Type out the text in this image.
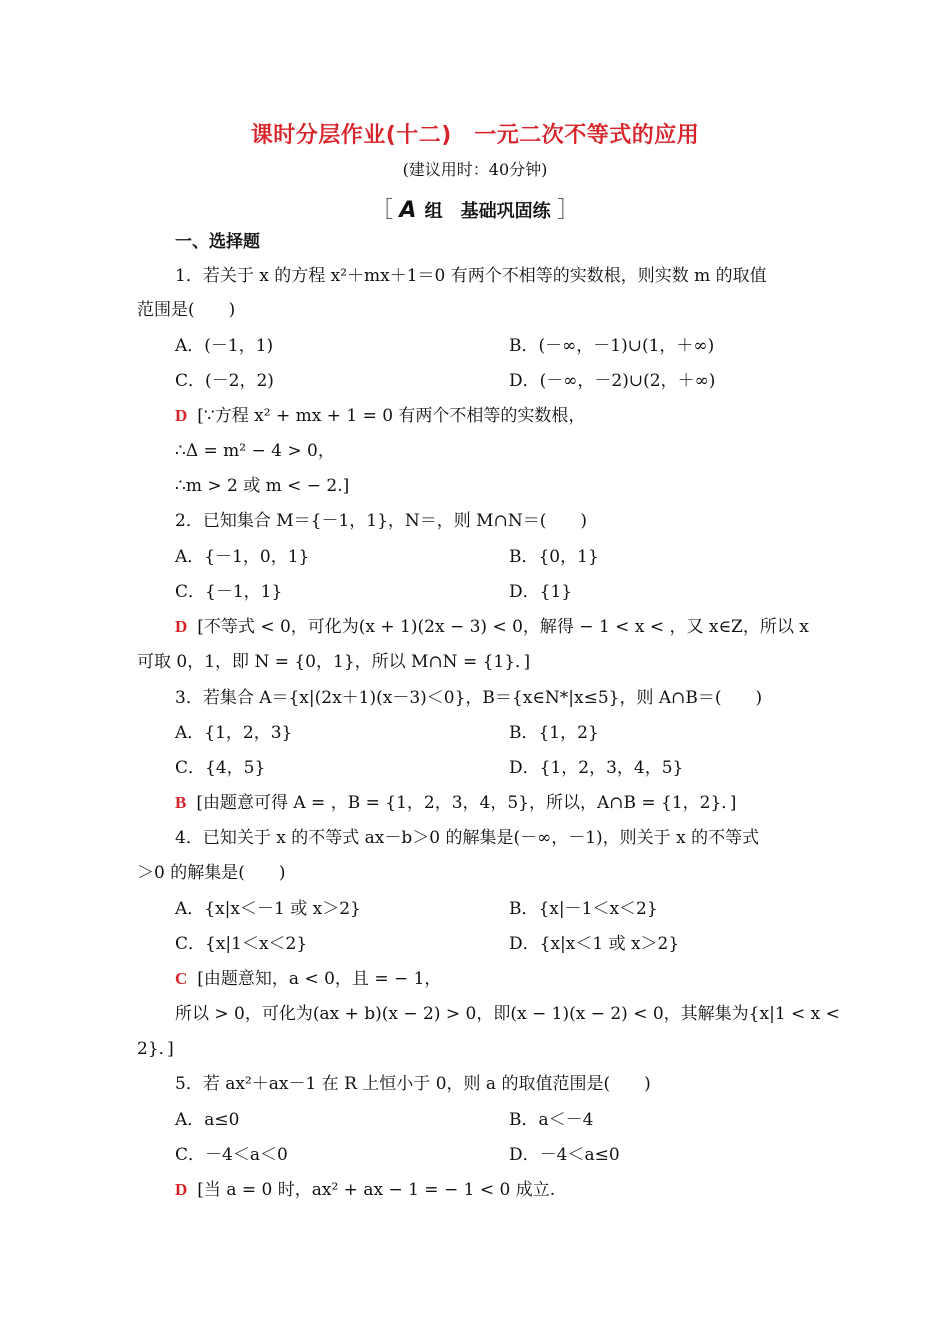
课时分层作业(十二)　一元二次不等式的应用
(建议用时：40分钟)
［ A 组　基础巩固练 ］
一、选择题
1．若关于 x 的方程 x²＋mx＋1＝0 有两个不相等的实数根，则实数 m 的取值
范围是(　　)
A．(－1，1)	B．(－∞，－1)∪(1，＋∞)
C．(－2，2)	D．(－∞，－2)∪(2，＋∞)
D [∵方程 x² + mx + 1 = 0 有两个不相等的实数根，
∴Δ = m² − 4 > 0，
∴m > 2 或 m < − 2.]
2．已知集合 M＝{－1，1}，N＝，则 M∩N＝(　　)
A．{－1，0，1}	B．{0，1}
C．{－1，1}	D．{1}
D [不等式 < 0，可化为(x + 1)(2x − 3) < 0，解得 − 1 < x < ，又 x∈Z，所以 x
可取 0，1，即 N = {0，1}，所以 M∩N = {1}．]
3．若集合 A＝{x|(2x＋1)(x－3)＜0}，B＝{x∈N*|x≤5}，则 A∩B＝(　　)
A．{1，2，3}	B．{1，2}
C．{4，5}	D．{1，2，3，4，5}
B [由题意可得 A = ，B = {1，2，3，4，5}，所以，A∩B = {1，2}．]
4．已知关于 x 的不等式 ax－b＞0 的解集是(－∞，－1)，则关于 x 的不等式
＞0 的解集是(　　)
A．{x|x＜－1 或 x＞2}	B．{x|－1＜x＜2}
C．{x|1＜x＜2}	D．{x|x＜1 或 x＞2}
C [由题意知，a < 0，且 = − 1，
所以 > 0，可化为(ax + b)(x − 2) > 0，即(x − 1)(x − 2) < 0，其解集为{x|1 < x <
2}．]
5．若 ax²＋ax－1 在 R 上恒小于 0，则 a 的取值范围是(　　)
A．a≤0	B．a＜－4
C．－4＜a＜0	D．－4＜a≤0
D [当 a = 0 时，ax² + ax − 1 = − 1 < 0 成立.
